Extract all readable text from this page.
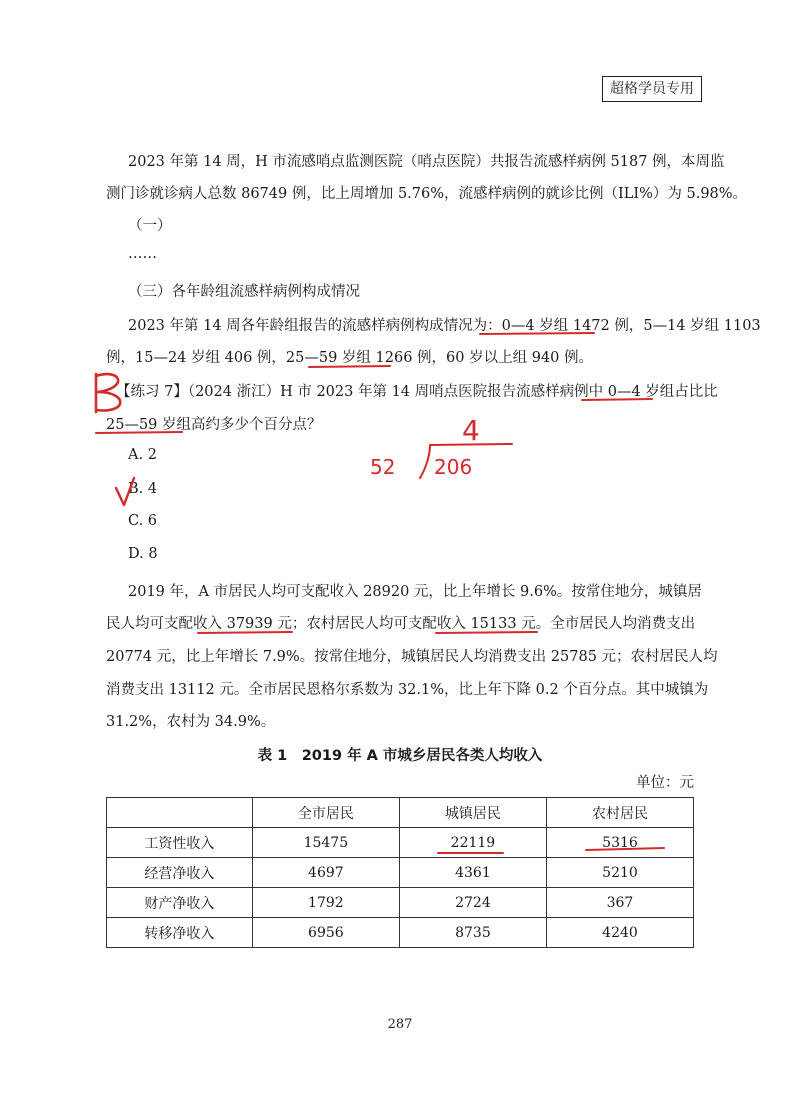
超格学员专用
2023 年第 14 周，H 市流感哨点监测医院（哨点医院）共报告流感样病例 5187 例，本周监
测门诊就诊病人总数 86749 例，比上周增加 5.76%，流感样病例的就诊比例（ILI%）为 5.98%。
（一）
……
（三）各年龄组流感样病例构成情况
2023 年第 14 周各年龄组报告的流感样病例构成情况为：0—4 岁组 1472 例，5—14 岁组 1103
例，15—24 岁组 406 例，25—59 岁组 1266 例，60 岁以上组 940 例。
【练习 7】（2024 浙江）H 市 2023 年第 14 周哨点医院报告流感样病例中 0—4 岁组占比比
25—59 岁组高约多少个百分点？
A. 2
B. 4
C. 6
D. 8
2019 年，A 市居民人均可支配收入 28920 元，比上年增长 9.6%。按常住地分，城镇居
民人均可支配收入 37939 元；农村居民人均可支配收入 15133 元。全市居民人均消费支出
20774 元，比上年增长 7.9%。按常住地分，城镇居民人均消费支出 25785 元；农村居民人均
消费支出 13112 元。全市居民恩格尔系数为 32.1%，比上年下降 0.2 个百分点。其中城镇为
31.2%，农村为 34.9%。
表 1　2019 年 A 市城乡居民各类人均收入
单位：元
	全市居民	城镇居民	农村居民
工资性收入	15475	22119	5316
经营净收入	4697	4361	5210
财产净收入	1792	2724	367
转移净收入	6956	8735	4240
287
4
52 206
